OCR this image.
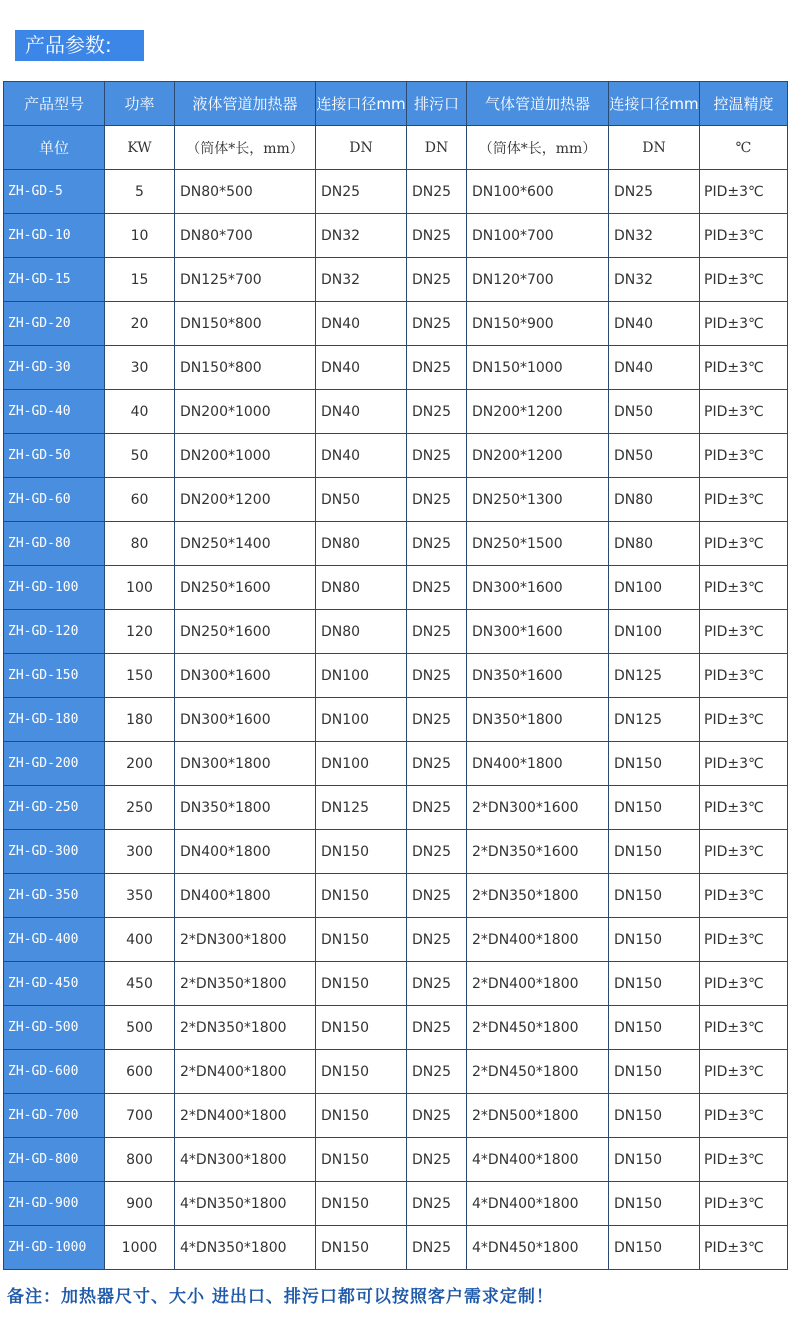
产品参数:
产品型号	功率	液体管道加热器	连接口径mm	排污口	气体管道加热器	连接口径mm	控温精度
单位	KW	（筒体*长，mm）	DN	DN	（筒体*长，mm）	DN	℃
ZH-GD-5	5	DN80*500	DN25	DN25	DN100*600	DN25	PID±3℃
ZH-GD-10	10	DN80*700	DN32	DN25	DN100*700	DN32	PID±3℃
ZH-GD-15	15	DN125*700	DN32	DN25	DN120*700	DN32	PID±3℃
ZH-GD-20	20	DN150*800	DN40	DN25	DN150*900	DN40	PID±3℃
ZH-GD-30	30	DN150*800	DN40	DN25	DN150*1000	DN40	PID±3℃
ZH-GD-40	40	DN200*1000	DN40	DN25	DN200*1200	DN50	PID±3℃
ZH-GD-50	50	DN200*1000	DN40	DN25	DN200*1200	DN50	PID±3℃
ZH-GD-60	60	DN200*1200	DN50	DN25	DN250*1300	DN80	PID±3℃
ZH-GD-80	80	DN250*1400	DN80	DN25	DN250*1500	DN80	PID±3℃
ZH-GD-100	100	DN250*1600	DN80	DN25	DN300*1600	DN100	PID±3℃
ZH-GD-120	120	DN250*1600	DN80	DN25	DN300*1600	DN100	PID±3℃
ZH-GD-150	150	DN300*1600	DN100	DN25	DN350*1600	DN125	PID±3℃
ZH-GD-180	180	DN300*1600	DN100	DN25	DN350*1800	DN125	PID±3℃
ZH-GD-200	200	DN300*1800	DN100	DN25	DN400*1800	DN150	PID±3℃
ZH-GD-250	250	DN350*1800	DN125	DN25	2*DN300*1600	DN150	PID±3℃
ZH-GD-300	300	DN400*1800	DN150	DN25	2*DN350*1600	DN150	PID±3℃
ZH-GD-350	350	DN400*1800	DN150	DN25	2*DN350*1800	DN150	PID±3℃
ZH-GD-400	400	2*DN300*1800	DN150	DN25	2*DN400*1800	DN150	PID±3℃
ZH-GD-450	450	2*DN350*1800	DN150	DN25	2*DN400*1800	DN150	PID±3℃
ZH-GD-500	500	2*DN350*1800	DN150	DN25	2*DN450*1800	DN150	PID±3℃
ZH-GD-600	600	2*DN400*1800	DN150	DN25	2*DN450*1800	DN150	PID±3℃
ZH-GD-700	700	2*DN400*1800	DN150	DN25	2*DN500*1800	DN150	PID±3℃
ZH-GD-800	800	4*DN300*1800	DN150	DN25	4*DN400*1800	DN150	PID±3℃
ZH-GD-900	900	4*DN350*1800	DN150	DN25	4*DN400*1800	DN150	PID±3℃
ZH-GD-1000	1000	4*DN350*1800	DN150	DN25	4*DN450*1800	DN150	PID±3℃
备注：加热器尺寸、大小 进出口、排污口都可以按照客户需求定制！
